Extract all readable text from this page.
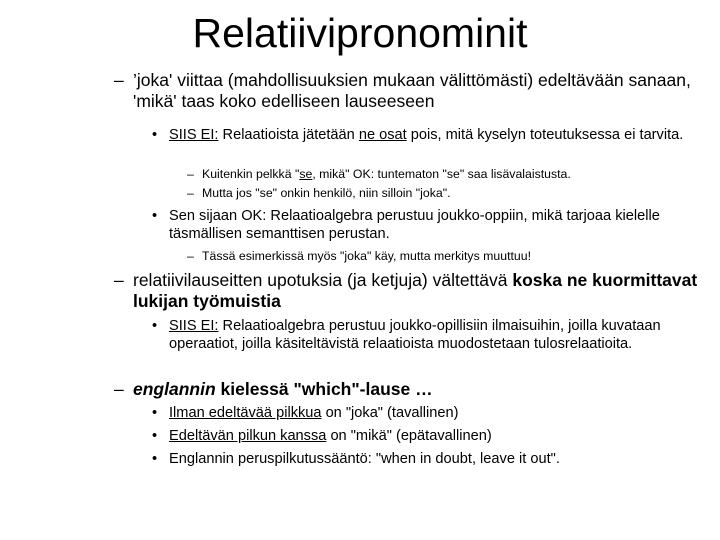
Relatiivipronominit
– ’joka' viittaa (mahdollisuuksien mukaan välittömästi) edeltävään sanaan, 'mikä' taas koko edelliseen lauseeseen
• SIIS EI: Relaatioista jätetään ne osat pois, mitä kyselyn toteutuksessa ei tarvita.
– Kuitenkin pelkkä "se, mikä" OK: tuntematon "se" saa lisävalaistusta.
– Mutta jos "se" onkin henkilö, niin silloin "joka".
• Sen sijaan OK: Relaatioalgebra perustuu joukko-oppiin, mikä tarjoaa kielelle täsmällisen semanttisen perustan.
– Tässä esimerkissä myös "joka" käy, mutta merkitys muuttuu!
– relatiivilauseitten upotuksia (ja ketjuja) vältettävä koska ne kuormittavat lukijan työmuistia
• SIIS EI: Relaatioalgebra perustuu joukko-opillisiin ilmaisuihin, joilla kuvataan operaatiot, joilla käsiteltävistä relaatioista muodostetaan tulosrelaatioita.
– englannin kielessä "which"-lause …
• Ilman edeltävää pilkkua on "joka" (tavallinen)
• Edeltävän pilkun kanssa on "mikä" (epätavallinen)
• Englannin peruspilkutussääntö: "when in doubt, leave it out".
